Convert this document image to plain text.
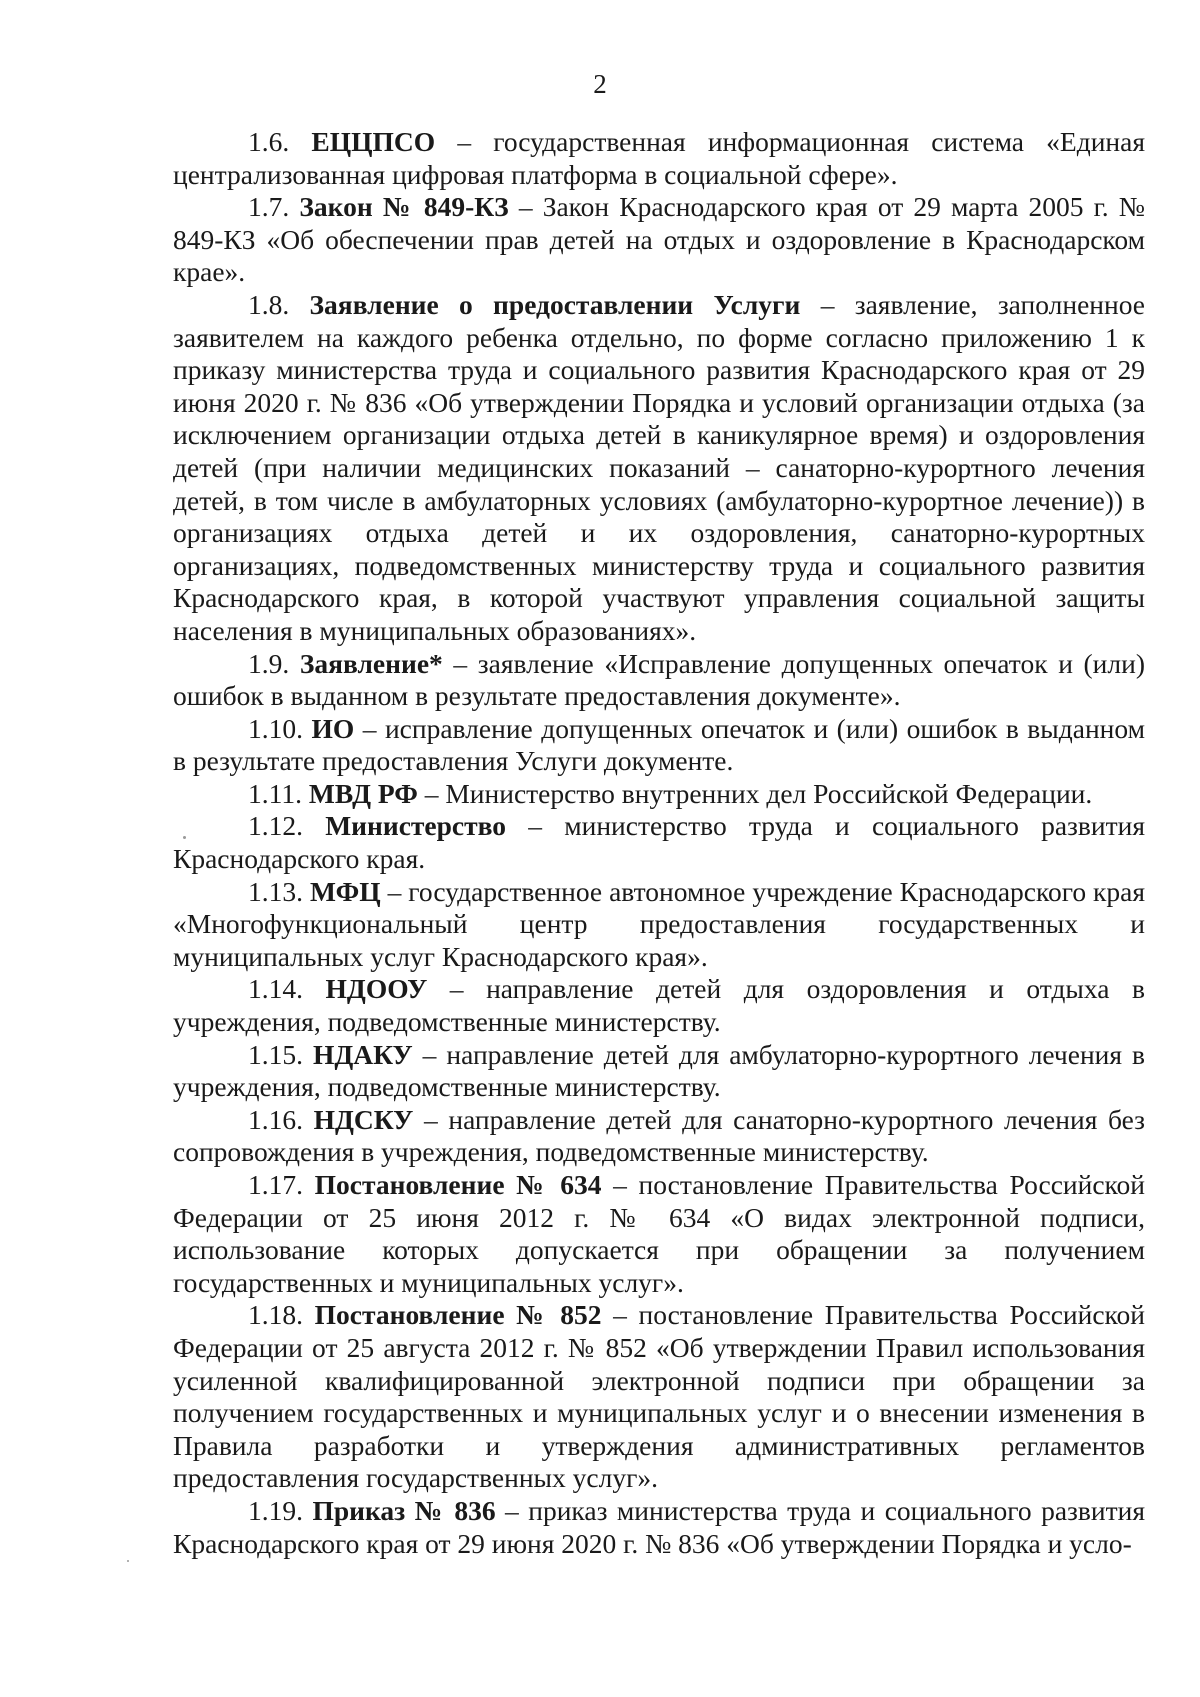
2

1.6. ЕЦЦПСО – государственная информационная система «Единая централизованная цифровая платформа в социальной сфере».

1.7. Закон № 849-КЗ – Закон Краснодарского края от 29 марта 2005 г. № 849-КЗ «Об обеспечении прав детей на отдых и оздоровление в Краснодарском крае».

1.8. Заявление о предоставлении Услуги – заявление, заполненное заявителем на каждого ребенка отдельно, по форме согласно приложению 1 к приказу министерства труда и социального развития Краснодарского края от 29 июня 2020 г. № 836 «Об утверждении Порядка и условий организации отдыха (за исключением организации отдыха детей в каникулярное время) и оздоровления детей (при наличии медицинских показаний – санаторно-курортного лечения детей, в том числе в амбулаторных условиях (амбулаторно-курортное лечение)) в организациях отдыха детей и их оздоровления, санаторно-курортных организациях, подведомственных министерству труда и социального развития Краснодарского края, в которой участвуют управления социальной защиты населения в муниципальных образованиях».

1.9. Заявление* – заявление «Исправление допущенных опечаток и (или) ошибок в выданном в результате предоставления документе».

1.10. ИО – исправление допущенных опечаток и (или) ошибок в выданном в результате предоставления Услуги документе.

1.11. МВД РФ – Министерство внутренних дел Российской Федерации.

1.12. Министерство – министерство труда и социального развития Краснодарского края.

1.13. МФЦ – государственное автономное учреждение Краснодарского края «Многофункциональный центр предоставления государственных и муниципальных услуг Краснодарского края».

1.14. НДООУ – направление детей для оздоровления и отдыха в учреждения, подведомственные министерству.

1.15. НДАКУ – направление детей для амбулаторно-курортного лечения в учреждения, подведомственные министерству.

1.16. НДСКУ – направление детей для санаторно-курортного лечения без сопровождения в учреждения, подведомственные министерству.

1.17. Постановление № 634 – постановление Правительства Российской Федерации от 25 июня 2012 г. № 634 «О видах электронной подписи, использование которых допускается при обращении за получением государственных и муниципальных услуг».

1.18. Постановление № 852 – постановление Правительства Российской Федерации от 25 августа 2012 г. № 852 «Об утверждении Правил использования усиленной квалифицированной электронной подписи при обращении за получением государственных и муниципальных услуг и о внесении изменения в Правила разработки и утверждения административных регламентов предоставления государственных услуг».

1.19. Приказ № 836 – приказ министерства труда и социального развития Краснодарского края от 29 июня 2020 г. № 836 «Об утверждении Порядка и усло-
